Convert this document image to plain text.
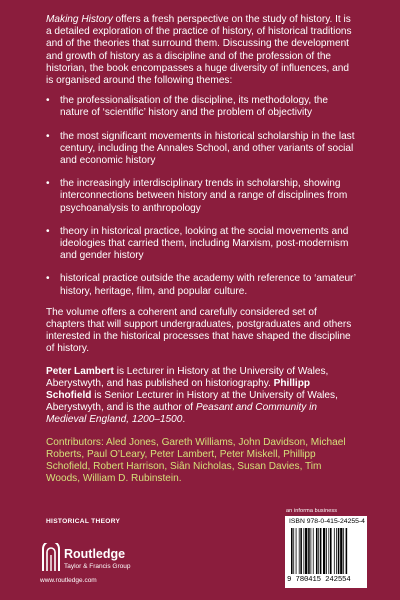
Making History offers a fresh perspective on the study of history. It is a detailed exploration of the practice of history, of historical traditions and of the theories that surround them. Discussing the development and growth of history as a discipline and of the profession of the historian, the book encompasses a huge diversity of influences, and is organised around the following themes:

• the professionalisation of the discipline, its methodology, the nature of ‘scientific’ history and the problem of objectivity
• the most significant movements in historical scholarship in the last century, including the Annales School, and other variants of social and economic history
• the increasingly interdisciplinary trends in scholarship, showing interconnections between history and a range of disciplines from psychoanalysis to anthropology
• theory in historical practice, looking at the social movements and ideologies that carried them, including Marxism, post-modernism and gender history
• historical practice outside the academy with reference to ‘amateur’ history, heritage, film, and popular culture.

The volume offers a coherent and carefully considered set of chapters that will support undergraduates, postgraduates and others interested in the historical processes that have shaped the discipline of history.

Peter Lambert is Lecturer in History at the University of Wales, Aberystwyth, and has published on historiography. Phillipp Schofield is Senior Lecturer in History at the University of Wales, Aberystwyth, and is the author of Peasant and Community in Medieval England, 1200–1500.

Contributors: Aled Jones, Gareth Williams, John Davidson, Michael Roberts, Paul O’Leary, Peter Lambert, Peter Miskell, Phillipp Schofield, Robert Harrison, Siân Nicholas, Susan Davies, Tim Woods, William D. Rubinstein.

HISTORICAL THEORY
Routledge
Taylor & Francis Group
www.routledge.com
an informa business
ISBN 978-0-415-24255-4
9 780415 242554
